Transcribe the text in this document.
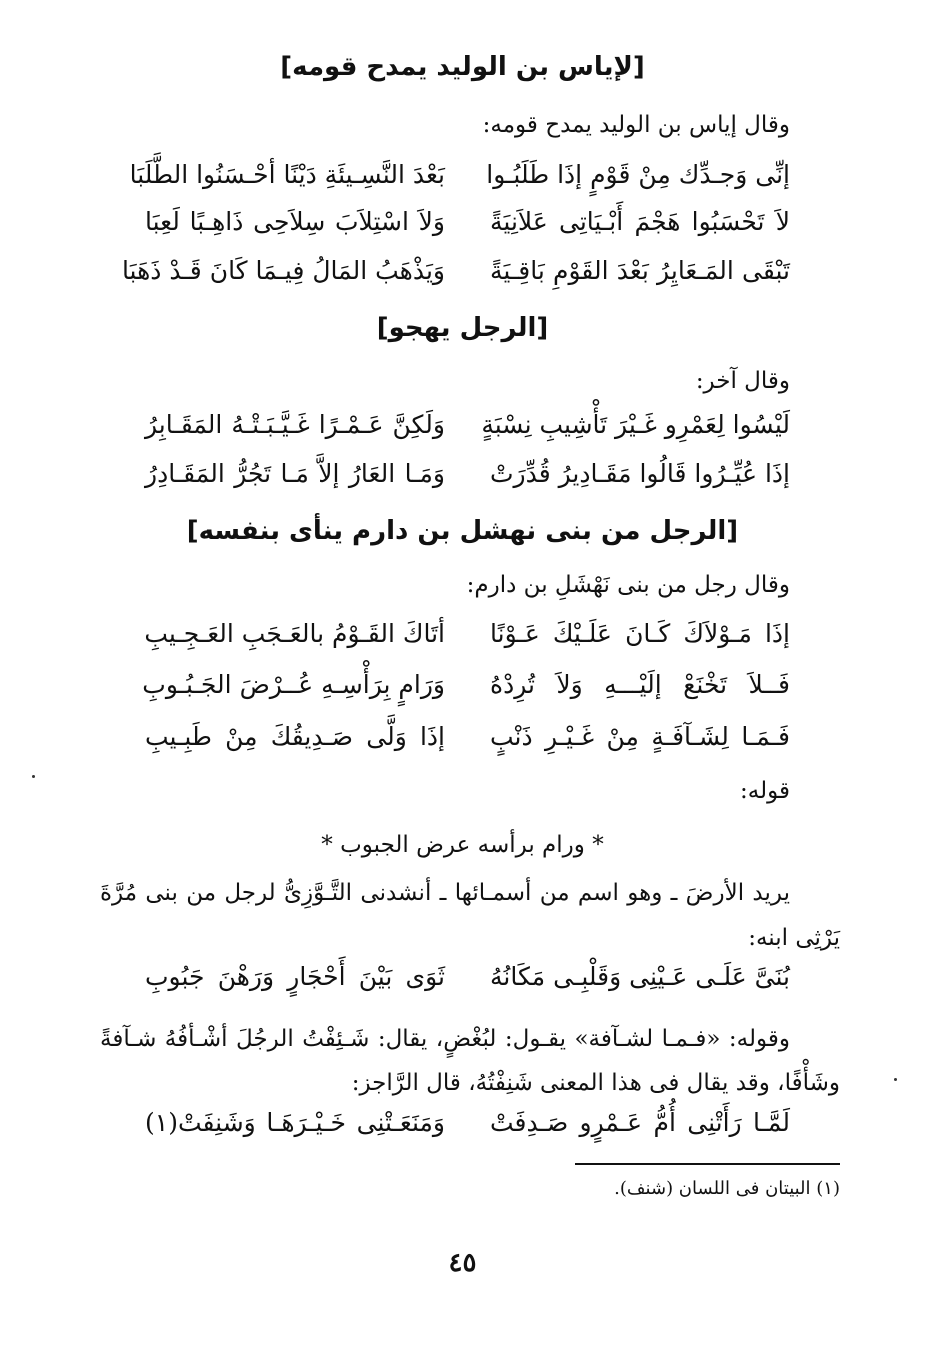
[لإياس بن الوليد يمدح قومه]
وقال إياس بن الوليد يمدح قومه:
إنِّى وَجـدِّك مِنْ قَوْمٍ إذَا طَلَبُـوا
بَعْدَ النَّسِـيئَةِ دَيْنًا أحْـسَنُوا الطَّلَبَا
لاَ تَحْسَبُوا هَجْمَ أَبْـيَاتِى عَلاَنِيَةً
وَلاَ اسْتِلاَبَ سِلاَحِى ذَاهِـبًا لَعِبَا
تَبْقَى المَـعَايِرُ بَعْدَ القَوْمِ بَاقِـيَةً
وَيَذْهَبُ المَالُ فِيـمَا كَانَ قَـدْ ذَهَبَا
[الرجل يهجو]
وقال آخر:
لَيْسُوا لِعَمْرِو غَـيْرَ تَأْشِيبِ نِسْبَةٍ
وَلَكِنَّ عَـمْـرًا غَـيَّـبَـتْـهُ المَقَـابِرُ
إذَا عُيِّـرُوا قَالُوا مَقَـادِيرُ قُدِّرَتْ
وَمَـا العَارُ إلاَّ مَـا تَجُرُّ المَقَـادِرُ
[الرجل من بنى نهشل بن دارم ينأى بنفسه]
وقال رجل من بنى نَهْشَلِ بن دارم:
إذَا مَـوْلاَكَ كَـانَ عَلَـيْكَ عَـوْنًا
أتَاكَ القَـوْمُ بالعَـجَبِ العَـجِـيبِ
فَــلاَ تَخْنَعْ إلَيْـــهِ وَلاَ تُرِدْهُ
وَرَامٍ بِرَأْسِـهِ عُــرْضَ الجَـبُـوبِ
فَـمَـا لِشَـآفَـةٍ مِنْ غَـيْـرِ ذَنْبٍ
إذَا وَلَّى صَـدِيقُكَ مِنْ طَبِـيبِ
قوله:
* ورام برأسه عرض الجبوب *
يريد الأرضَ ـ وهو اسم من أسمـائها ـ أنشدنى التَّـوَّزِىُّ لرجل من بنى مُرَّةَ
يَرْثِى ابنه:
بُنَىَّ عَلَـى عَـيْنِى وَقَلْبِـى مَكَانُهُ
ثَوَى بَيْنَ أَحْجَارٍ وَرَهْنَ جَبُوبِ
وقوله: «فـمـا لشـآفة» يقـول: لبُغْضٍ، يقال: شَـئِفْتُ الرجُلَ أشْـأفُهُ شـآفةً
وشَأْفًا، وقد يقال فى هذا المعنى شَنِفْتُهُ، قال الرَّاجز:
لَمَّـا رَأَتْنِى أُمُّ عَـمْرٍو صَـدِفَتْ
وَمَنَعَـتْنِى خَـيْـرَهَـا وَشَنِفَتْ(١)
(١) البيتان فى اللسان (شنف).
٤٥
